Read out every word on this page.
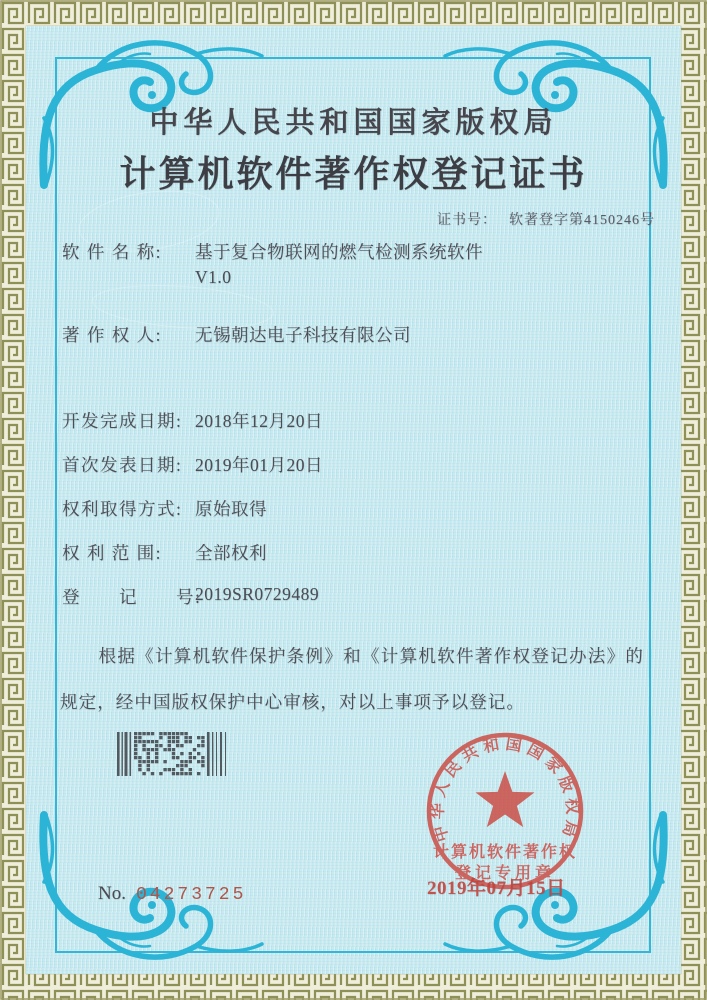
中华人民共和国国家版权局
计算机软件著作权登记证书
证书号： 软著登字第4150246号
软 件 名 称: 基于复合物联网的燃气检测系统软件
V1.0
著 作 权 人: 无锡朝达电子科技有限公司
开发完成日期: 2018年12月20日
首次发表日期: 2019年01月20日
权利取得方式: 原始取得
权 利 范 围: 全部权利
登　　记　　号:
2019SR0729489
根据《计算机软件保护条例》和《计算机软件著作权登记办法》的规定，经中国版权保护中心审核，对以上事项予以登记。
中华人民共和国国家版权局
计算机软件著作权
登记专用章
2019年07月15日
No. 04273725
